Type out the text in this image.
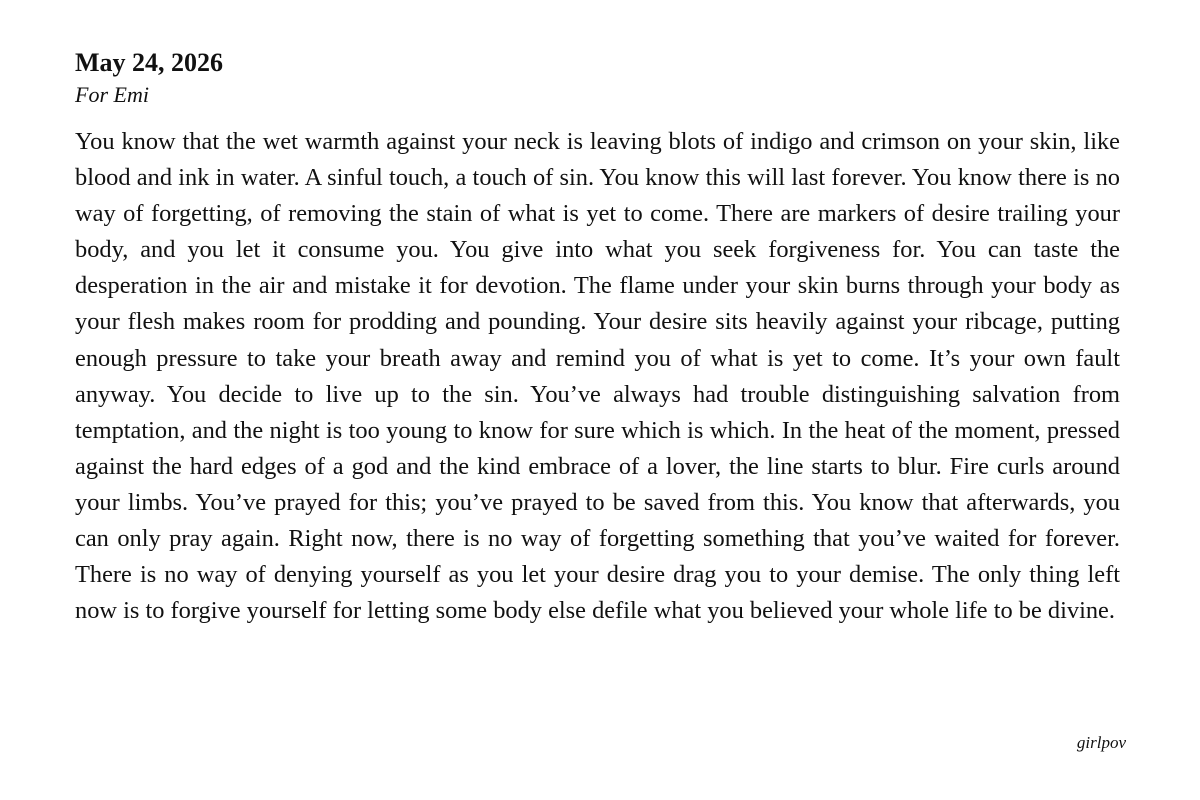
May 24, 2026

For Emi

You know that the wet warmth against your neck is leaving blots of indigo and crimson on your skin, like blood and ink in water. A sinful touch, a touch of sin. You know this will last forever. You know there is no way of forgetting, of removing the stain of what is yet to come. There are markers of desire trailing your body, and you let it consume you. You give into what you seek forgiveness for. You can taste the desperation in the air and mistake it for devotion. The flame under your skin burns through your body as your flesh makes room for prodding and pounding. Your desire sits heavily against your ribcage, putting enough pressure to take your breath away and remind you of what is yet to come. It’s your own fault anyway. You decide to live up to the sin. You’ve always had trouble distinguishing salvation from temptation, and the night is too young to know for sure which is which. In the heat of the moment, pressed against the hard edges of a god and the kind embrace of a lover, the line starts to blur. Fire curls around your limbs. You’ve prayed for this; you’ve prayed to be saved from this. You know that afterwards, you can only pray again. Right now, there is no way of forgetting something that you’ve waited for forever. There is no way of denying yourself as you let your desire drag you to your demise. The only thing left now is to forgive yourself for letting some body else defile what you believed your whole life to be divine.

girlpov
